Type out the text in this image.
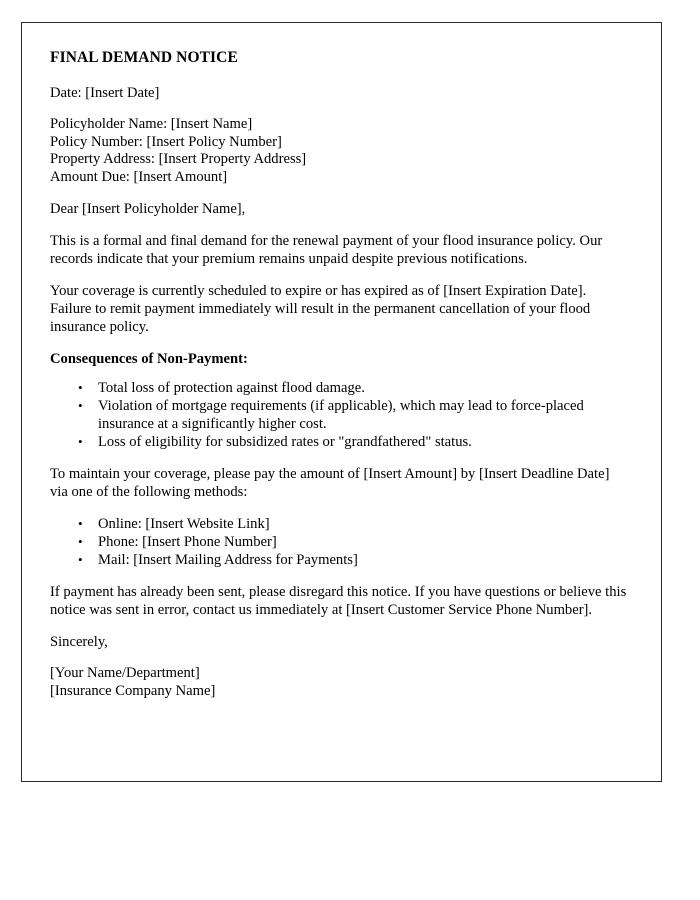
FINAL DEMAND NOTICE

Date: [Insert Date]

Policyholder Name: [Insert Name]
Policy Number: [Insert Policy Number]
Property Address: [Insert Property Address]
Amount Due: [Insert Amount]

Dear [Insert Policyholder Name],

This is a formal and final demand for the renewal payment of your flood insurance policy. Our records indicate that your premium remains unpaid despite previous notifications.

Your coverage is currently scheduled to expire or has expired as of [Insert Expiration Date]. Failure to remit payment immediately will result in the permanent cancellation of your flood insurance policy.

Consequences of Non-Payment:

• Total loss of protection against flood damage.
• Violation of mortgage requirements (if applicable), which may lead to force-placed insurance at a significantly higher cost.
• Loss of eligibility for subsidized rates or "grandfathered" status.

To maintain your coverage, please pay the amount of [Insert Amount] by [Insert Deadline Date] via one of the following methods:

• Online: [Insert Website Link]
• Phone: [Insert Phone Number]
• Mail: [Insert Mailing Address for Payments]

If payment has already been sent, please disregard this notice. If you have questions or believe this notice was sent in error, contact us immediately at [Insert Customer Service Phone Number].

Sincerely,

[Your Name/Department]
[Insurance Company Name]
